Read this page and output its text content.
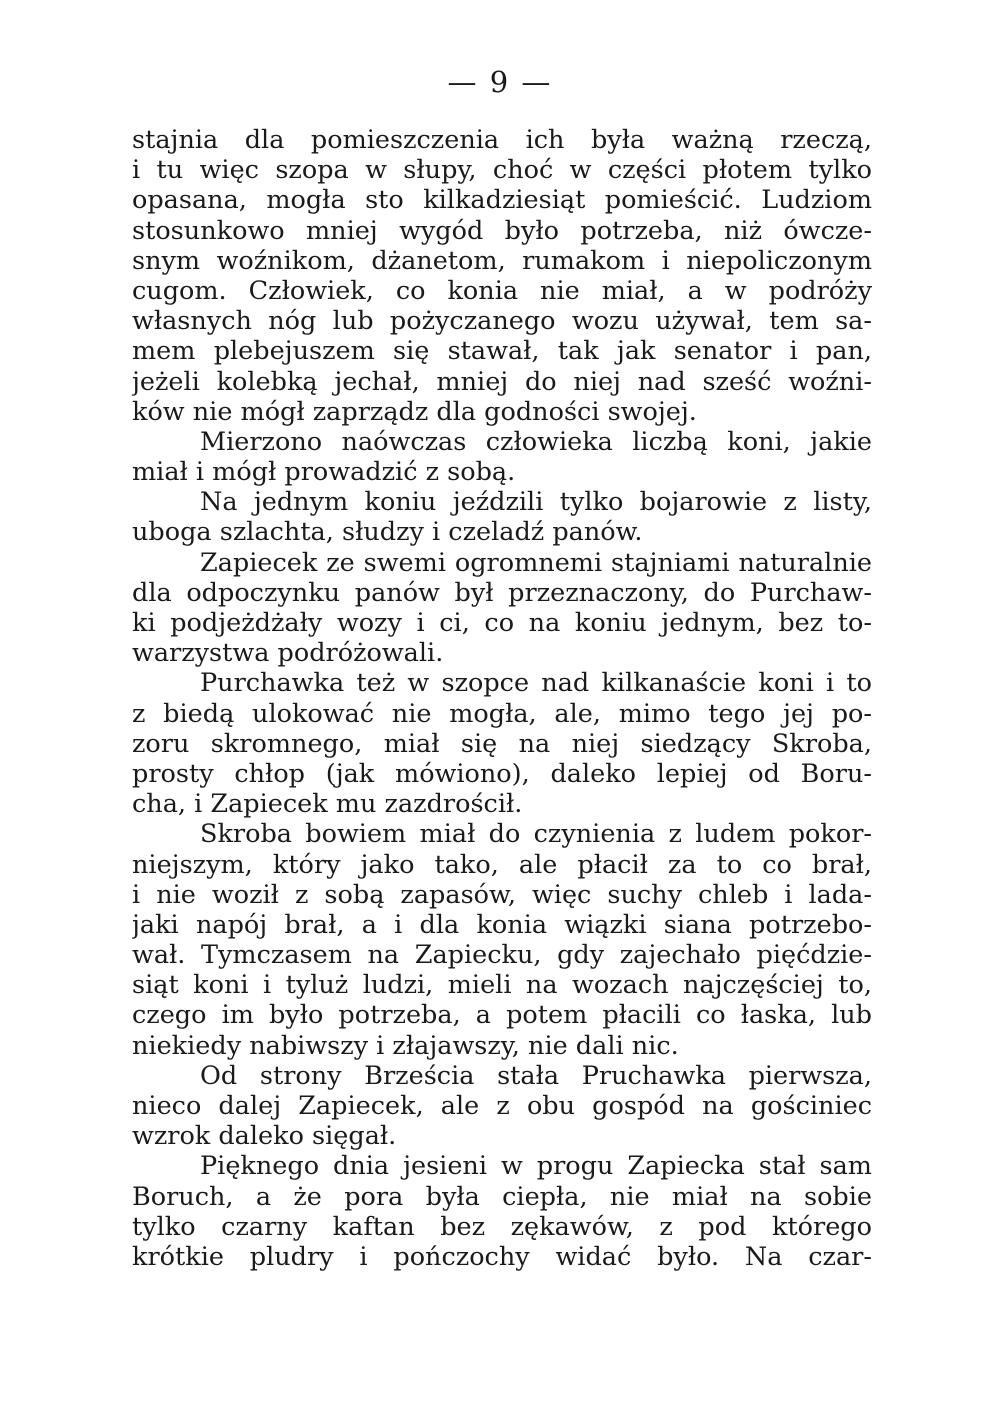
— 9 —
stajnia dla pomieszczenia ich była ważną rzeczą,
i tu więc szopa w słupy, choć w części płotem tylko
opasana, mogła sto kilkadziesiąt pomieścić. Ludziom
stosunkowo mniej wygód było potrzeba, niż ówcze-
snym woźnikom, dżanetom, rumakom i niepoliczonym
cugom. Człowiek, co konia nie miał, a w podróży
własnych nóg lub pożyczanego wozu używał, tem sa-
mem plebejuszem się stawał, tak jak senator i pan,
jeżeli kolebką jechał, mniej do niej nad sześć woźni-
ków nie mógł zaprządz dla godności swojej.
Mierzono naówczas człowieka liczbą koni, jakie
miał i mógł prowadzić z sobą.
Na jednym koniu jeździli tylko bojarowie z listy,
uboga szlachta, słudzy i czeladź panów.
Zapiecek ze swemi ogromnemi stajniami naturalnie
dla odpoczynku panów był przeznaczony, do Purchaw-
ki podjeżdżały wozy i ci, co na koniu jednym, bez to-
warzystwa podróżowali.
Purchawka też w szopce nad kilkanaście koni i to
z biedą ulokować nie mogła, ale, mimo tego jej po-
zoru skromnego, miał się na niej siedzący Skroba,
prosty chłop (jak mówiono), daleko lepiej od Boru-
cha, i Zapiecek mu zazdrościł.
Skroba bowiem miał do czynienia z ludem pokor-
niejszym, który jako tako, ale płacił za to co brał,
i nie woził z sobą zapasów, więc suchy chleb i lada-
jaki napój brał, a i dla konia wiązki siana potrzebo-
wał. Tymczasem na Zapiecku, gdy zajechało pięćdzie-
siąt koni i tyluż ludzi, mieli na wozach najczęściej to,
czego im było potrzeba, a potem płacili co łaska, lub
niekiedy nabiwszy i złajawszy, nie dali nic.
Od strony Brześcia stała Pruchawka pierwsza,
nieco dalej Zapiecek, ale z obu gospód na gościniec
wzrok daleko sięgał.
Pięknego dnia jesieni w progu Zapiecka stał sam
Boruch, a że pora była ciepła, nie miał na sobie
tylko czarny kaftan bez zękawów, z pod którego
krótkie pludry i pończochy widać było. Na czar-
